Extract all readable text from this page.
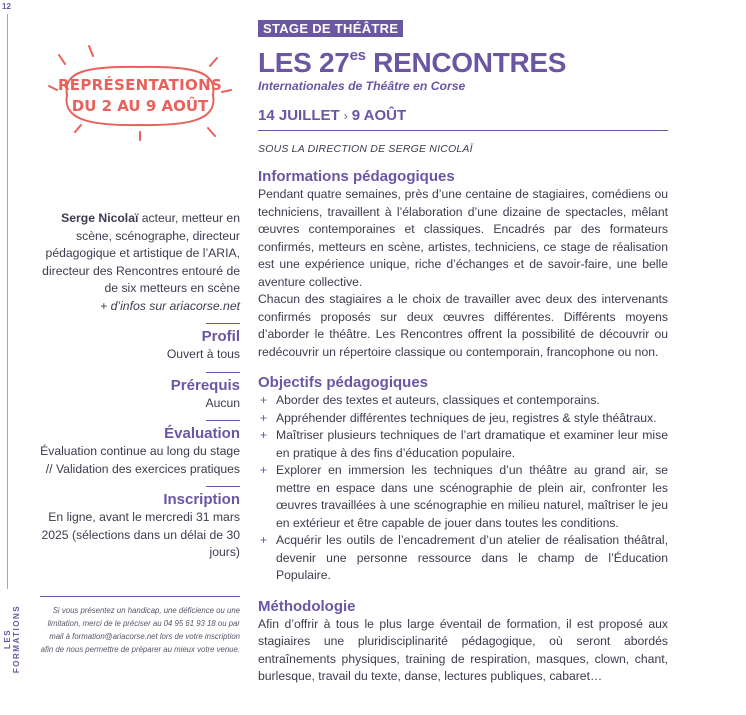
12
LES FORMATIONS
REPRÉSENTATIONS
DU 2 AU 9 AOÛT
Serge Nicolaï acteur, metteur en scène, scénographe, directeur pédagogique et artistique de l’ARIA, directeur des Rencontres entouré de de six metteurs en scène
+ d’infos sur ariacorse.net
Profil
Ouvert à tous
Prérequis
Aucun
Évaluation
Évaluation continue au long du stage // Validation des exercices pratiques
Inscription
En ligne, avant le mercredi 31 mars 2025 (sélections dans un délai de 30 jours)
Si vous présentez un handicap, une déficience ou une limitation, merci de le préciser au 04 95 61 93 18 ou par mail à formation@ariacorse.net lors de votre inscription afin de nous permettre de préparer au mieux votre venue.
STAGE DE THÉÂTRE
LES $27^{es}$ RENCONTRES
Internationales de Théâtre en Corse
14 JUILLET › 9 AOÛT
SOUS LA DIRECTION DE SERGE NICOLAÏ
Informations pédagogiques
Pendant quatre semaines, près d’une centaine de stagiaires, comédiens ou techniciens, travaillent à l’élaboration d’une dizaine de spectacles, mêlant œuvres contemporaines et classiques. Encadrés par des formateurs confirmés, metteurs en scène, artistes, techniciens, ce stage de réalisation est une expérience unique, riche d’échanges et de savoir-faire, une belle aventure collective.
Chacun des stagiaires a le choix de travailler avec deux des intervenants confirmés proposés sur deux œuvres différentes. Différents moyens d’aborder le théâtre. Les Rencontres offrent la possibilité de découvrir ou redécouvrir un répertoire classique ou contemporain, francophone ou non.
Objectifs pédagogiques
+ Aborder des textes et auteurs, classiques et contemporains.
+ Appréhender différentes techniques de jeu, registres & style théâtraux.
+ Maîtriser plusieurs techniques de l’art dramatique et examiner leur mise en pratique à des fins d’éducation populaire.
+ Explorer en immersion les techniques d’un théâtre au grand air, se mettre en espace dans une scénographie de plein air, confronter les œuvres travaillées à une scénographie en milieu naturel, maîtriser le jeu en extérieur et être capable de jouer dans toutes les conditions.
+ Acquérir les outils de l’encadrement d’un atelier de réalisation théâtral, devenir une personne ressource dans le champ de l’Éducation Populaire.
Méthodologie
Afin d’offrir à tous le plus large éventail de formation, il est proposé aux stagiaires une pluridisciplinarité pédagogique, où seront abordés entraînements physiques, training de respiration, masques, clown, chant, burlesque, travail du texte, danse, lectures publiques, cabaret…
